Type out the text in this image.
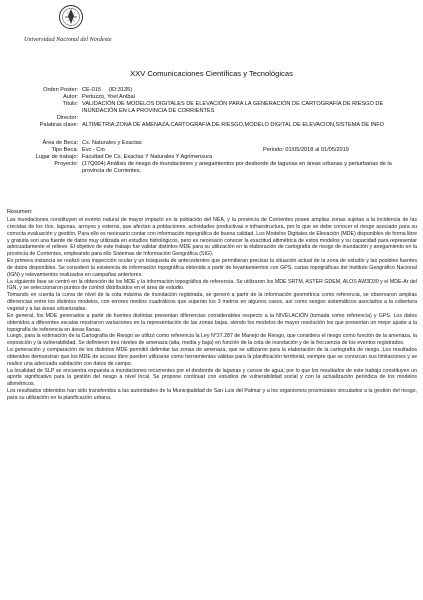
Universidad Nacional del Nordeste
XXV Comunicaciones Científicas y Tecnológicas
Orden Poster: CE-015 (ID:3135)
Autor: Pertuzzo, Yoel Aníbal
Título: VALIDACIÓN DE MODELOS DIGITALES DE ELEVACIÓN PARA LA GENERACIÓN DE CARTOGRAFÍA DE RIESGO DE INUNDACIÓN EN LA PROVINCIA DE CORRIENTES
Director:
Palabras clave: ALTIMETRÍA,ZONA DE AMENAZA,CARTOGRAFÍA DE RIESGO,MODELO DIGITAL DE ELEVACIÓN,SISTEMA DE INFO
Área de Beca: Cs. Naturales y Exactas
Tipo Beca: Evc - Cin	Periodo: 01/05/2018 al 01/05/2019
Lugar de trabajo: Facultad De Cs. Exactas Y Naturales Y Agrimensura
Proyecto: (17Q004) Análisis de riesgo de inundaciones y anegamientos por desborde de lagunas en áreas urbanas y periurbanas de la provincia de Corrientes.
Resumen:

Las inundaciones constituyen el evento natural de mayor impacto en la población del NEA, y la provincia de Corrientes posee amplias zonas sujetas a la incidencia de las crecidas de los ríos, lagunas, arroyos y esteros, que afectan a poblaciones, actividades productivas e infraestructura, por lo que se debe conocer el riesgo asociado para su correcta evaluación y gestión. Para ello es necesario contar con información topográfica de buena calidad. Los Modelos Digitales de Elevación (MDE) disponibles de forma libre y gratuita son una fuente de datos muy utilizada en estudios hidrológicos, pero es necesario conocer la exactitud altimétrica de estos modelos y su capacidad para representar adecuadamente el relieve. El objetivo de este trabajo fue validar distintos MDE para su utilización en la elaboración de cartografía de riesgo de inundación y anegamiento en la provincia de Corrientes, empleando para ello Sistemas de Información Geográfica (SIG).

En primera instancia se realizó una inspección ocular y un búsqueda de antecedentes que permitieran precisar la situación actual de la zona de estudio y las posibles fuentes de datos disponibles. Se consideró la existencia de información topográfica obtenida a partir de levantamientos con GPS, cartas topográficas del Instituto Geográfico Nacional (IGN) y relevamientos realizados en campañas anteriores.

La siguiente fase se centró en la obtención de los MDE y la información topográfica de referencia. Se utilizaron los MDE SRTM, ASTER GDEM, ALOS AW3D30 y el MDE-Ar del IGN, y se seleccionaron puntos de control distribuidos en el área de estudio.

Tomando en cuenta la curva de nivel de la cota máxima de inundación registrada, se generó a partir de la información geométrica como referencia, se observaron amplias diferencias entre los distintos modelos, con errores medios cuadráticos que superan los 3 metros en algunos casos, así como sesgos sistemáticos asociados a la cobertura vegetal y a las áreas urbanizadas.

En general, los MDE generados a partir de fuentes distintas presentan diferencias considerables respecto a la NIVELACIÓN (tomada como referencia) y GPS. Los datos obtenidos a diferentes escalas mostraron variaciones en la representación de las zonas bajas, siendo los modelos de mayor resolución los que presentan un mejor ajuste a la topografía de referencia en áreas llanas.

Luego, para la estimación de la Cartografía de Riesgo se utilizó como referencia la Ley N°27.287 de Manejo de Riesgo, que considera el riesgo como función de la amenaza, la exposición y la vulnerabilidad. Se definieron tres niveles de amenaza (alta, media y baja) en función de la cota de inundación y de la frecuencia de los eventos registrados.

La generación y comparación de los distintos MDE permitió delimitar las zonas de amenaza, que se utilizaron para la elaboración de la cartografía de riesgo. Los resultados obtenidos demuestran que los MDE de acceso libre pueden utilizarse como herramientas válidas para la planificación territorial, siempre que se conozcan sus limitaciones y se realice una adecuada validación con datos de campo.

La localidad de SLP se encuentra expuesta a inundaciones recurrentes por el desborde de lagunas y cursos de agua, por lo que los resultados de este trabajo constituyen un aporte significativo para la gestión del riesgo a nivel local. Se propone continuar con estudios de vulnerabilidad social y con la actualización periódica de los modelos altimétricos.

Los resultados obtenidos han sido transferidos a las autoridades de la Municipalidad de San Luis del Palmar y a los organismos provinciales vinculados a la gestión del riesgo, para su utilización en la planificación urbana.
